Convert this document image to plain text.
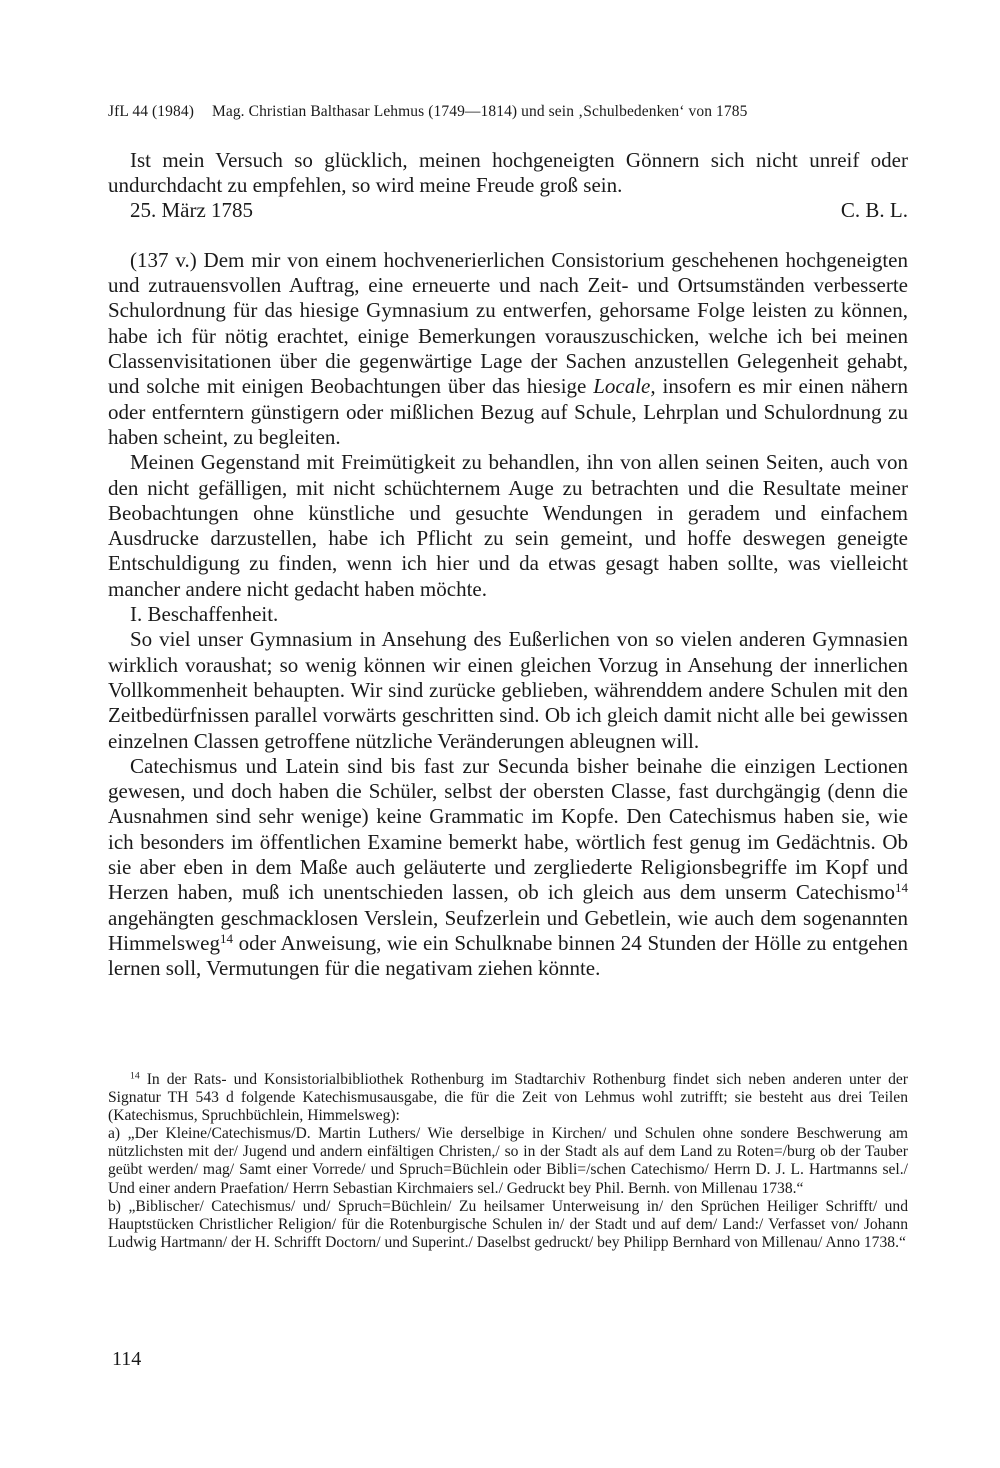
JfL 44 (1984) Mag. Christian Balthasar Lehmus (1749—1814) und sein ‚Schulbedenken‘ von 1785

Ist mein Versuch so glücklich, meinen hochgeneigten Gönnern sich nicht unreif oder undurchdacht zu empfehlen, so wird meine Freude groß sein.

25. März 1785	C. B. L.

(137 v.) Dem mir von einem hochvenerierlichen Consistorium geschehenen hochgeneigten und zutrauensvollen Auftrag, eine erneuerte und nach Zeit- und Ortsumständen verbesserte Schulordnung für das hiesige Gymnasium zu entwerfen, gehorsame Folge leisten zu können, habe ich für nötig erachtet, einige Bemerkungen vorauszuschicken, welche ich bei meinen Classenvisitationen über die gegenwärtige Lage der Sachen anzustellen Gelegenheit gehabt, und solche mit einigen Beobachtungen über das hiesige Locale, insofern es mir einen nähern oder entferntern günstigern oder mißlichen Bezug auf Schule, Lehrplan und Schulordnung zu haben scheint, zu begleiten.

Meinen Gegenstand mit Freimütigkeit zu behandlen, ihn von allen seinen Seiten, auch von den nicht gefälligen, mit nicht schüchternem Auge zu betrachten und die Resultate meiner Beobachtungen ohne künstliche und gesuchte Wendungen in geradem und einfachem Ausdrucke darzustellen, habe ich Pflicht zu sein gemeint, und hoffe deswegen geneigte Entschuldigung zu finden, wenn ich hier und da etwas gesagt haben sollte, was vielleicht mancher andere nicht gedacht haben möchte.

I. Beschaffenheit.

So viel unser Gymnasium in Ansehung des Eußerlichen von so vielen anderen Gymnasien wirklich voraushat; so wenig können wir einen gleichen Vorzug in Ansehung der innerlichen Vollkommenheit behaupten. Wir sind zurücke geblieben, währenddem andere Schulen mit den Zeitbedürfnissen parallel vorwärts geschritten sind. Ob ich gleich damit nicht alle bei gewissen einzelnen Classen getroffene nützliche Veränderungen ableugnen will.

Catechismus und Latein sind bis fast zur Secunda bisher beinahe die einzigen Lectionen gewesen, und doch haben die Schüler, selbst der obersten Classe, fast durchgängig (denn die Ausnahmen sind sehr wenige) keine Grammatic im Kopfe. Den Catechismus haben sie, wie ich besonders im öffentlichen Examine bemerkt habe, wörtlich fest genug im Gedächtnis. Ob sie aber eben in dem Maße auch geläuterte und zergliederte Religionsbegriffe im Kopf und Herzen haben, muß ich unentschieden lassen, ob ich gleich aus dem unserm Catechismo$^{14}$ angehängten geschmacklosen Verslein, Seufzerlein und Gebetlein, wie auch dem sogenannten Himmelsweg$^{14}$ oder Anweisung, wie ein Schulknabe binnen 24 Stunden der Hölle zu entgehen lernen soll, Vermutungen für die negativam ziehen könnte.

$^{14}$ In der Rats- und Konsistorialbibliothek Rothenburg im Stadtarchiv Rothenburg findet sich neben anderen unter der Signatur TH 543 d folgende Katechismusausgabe, die für die Zeit von Lehmus wohl zutrifft; sie besteht aus drei Teilen (Katechismus, Spruchbüchlein, Himmelsweg):

a) „Der Kleine/Catechismus/D. Martin Luthers/ Wie derselbige in Kirchen/ und Schulen ohne sondere Beschwerung am nützlichsten mit der/ Jugend und andern einfältigen Christen,/ so in der Stadt als auf dem Land zu Roten=/burg ob der Tauber geübt werden/ mag/ Samt einer Vorrede/ und Spruch=Büchlein oder Bibli=/schen Catechismo/ Herrn D. J. L. Hartmanns sel./ Und einer andern Praefation/ Herrn Sebastian Kirchmaiers sel./ Gedruckt bey Phil. Bernh. von Millenau 1738.“

b) „Biblischer/ Catechismus/ und/ Spruch=Büchlein/ Zu heilsamer Unterweisung in/ den Sprüchen Heiliger Schrifft/ und Hauptstücken Christlicher Religion/ für die Rotenburgische Schulen in/ der Stadt und auf dem/ Land:/ Verfasset von/ Johann Ludwig Hartmann/ der H. Schrifft Doctorn/ und Superint./ Daselbst gedruckt/ bey Philipp Bernhard von Millenau/ Anno 1738.“

114
